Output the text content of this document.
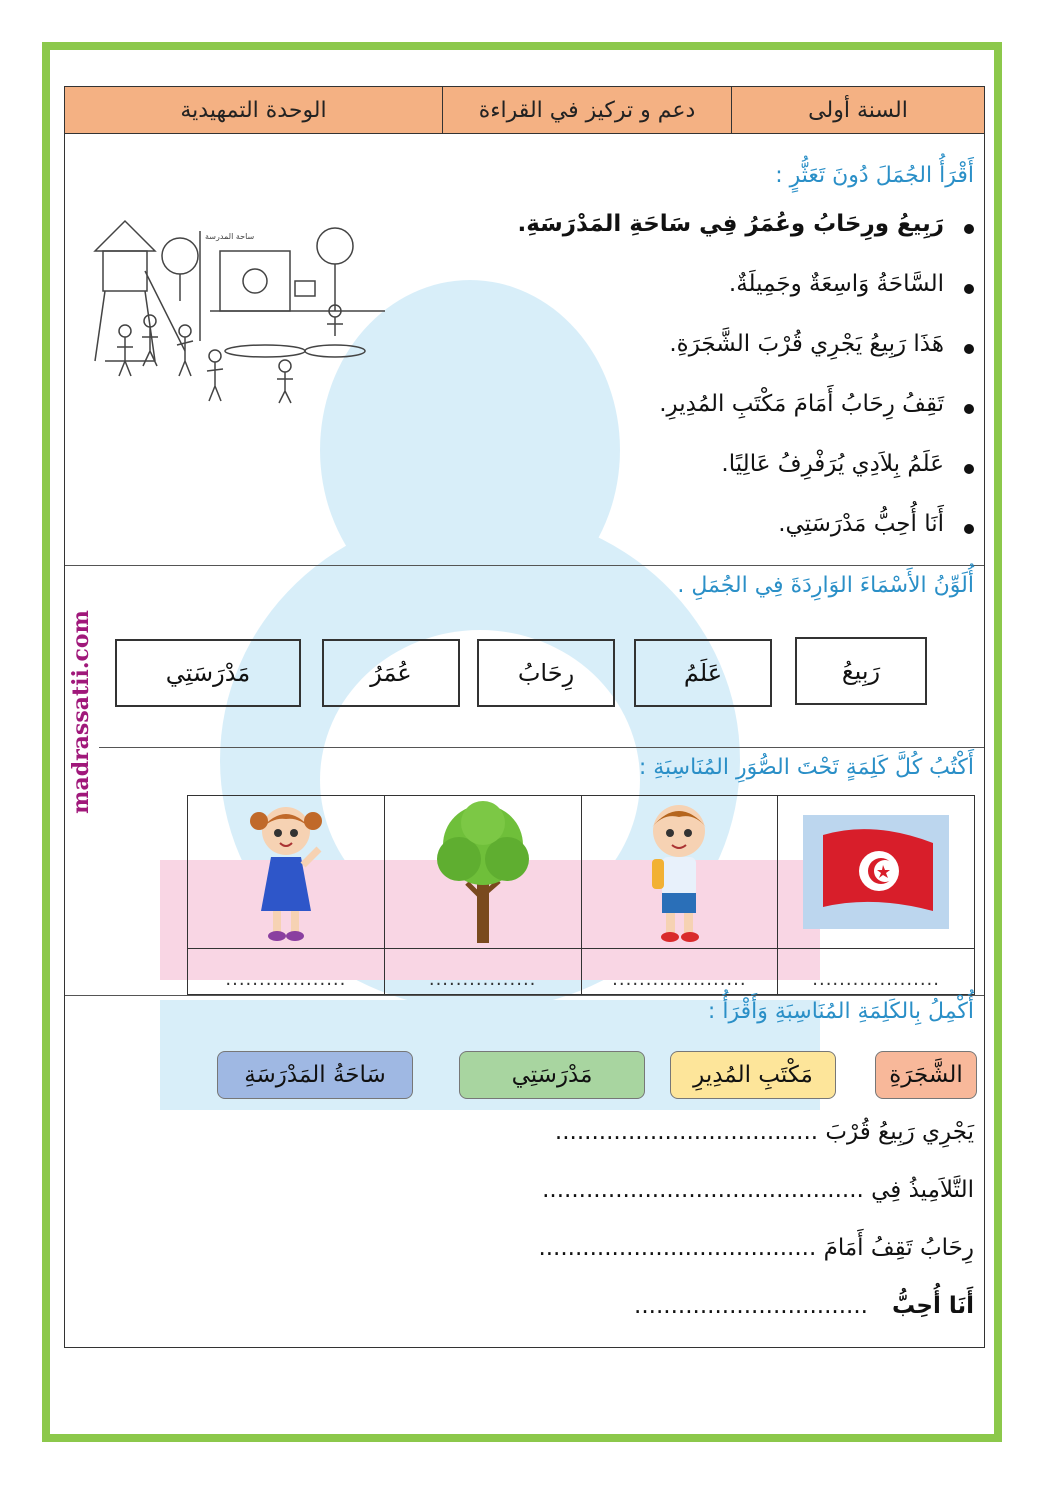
madrassatii.com
السنة أولى
دعم و تركيز في القراءة
الوحدة التمهيدية
أَقْرَأُ الجُمَلَ دُونَ تَعَثُّرٍ :
رَبِيعُ ورِحَابُ وعُمَرُ فِي سَاحَةِ المَدْرَسَةِ.
السَّاحَةُ وَاسِعَةٌ وجَمِيلَةٌ.
هَذَا رَبِيعُ يَجْرِي قُرْبَ الشَّجَرَةِ.
تَقِفُ رِحَابُ أَمَامَ مَكْتَبِ المُدِيرِ.
عَلَمُ بِلاَدِي يُرَفْرِفُ عَالِيًا.
أَنَا أُحِبُّ مَدْرَسَتِي.
ساحة المدرسة
أُلَوِّنُ الأَسْمَاءَ الوَارِدَةَ فِي الجُمَلِ .
رَبِيعُ
عَلَمُ
رِحَابُ
عُمَرُ
مَدْرَسَتِي
أَكْتُبُ كُلَّ كَلِمَةٍ تَحْتَ الصُّوَرِ المُنَاسِبَةِ :
...................
....................
................
..................
أُكْمِلُ بِالكَلِمَةِ المُنَاسِبَةِ وَأَقْرَأُ :
الشَّجَرَةِ
مَكْتَبِ المُدِيرِ
مَدْرَسَتِي
سَاحَةُ المَدْرَسَةِ
يَجْرِي رَبِيعُ قُرْبَ ....................................
التَّلاَمِيذُ فِي ............................................
رِحَابُ تَقِفُ أَمَامَ ......................................
أَنَا أُحِبُّ   ................................
